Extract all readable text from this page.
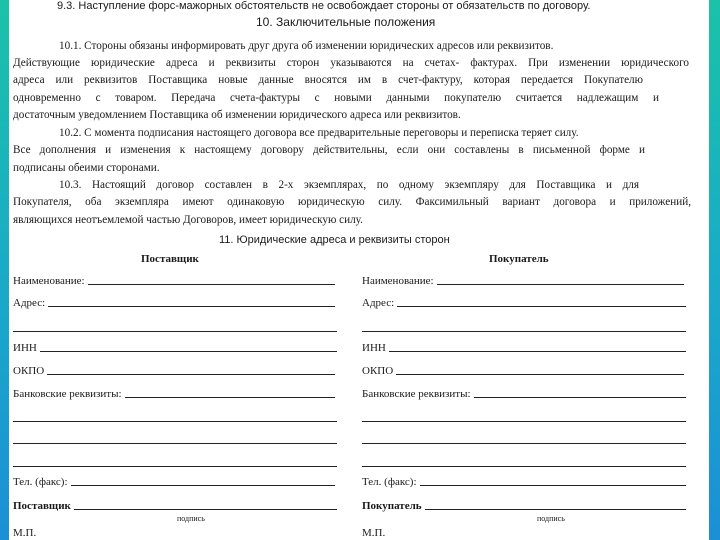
9.3. Наступление форс-мажорных обстоятельств не освобождает стороны от обязательств по договору.
10. Заключительные положения
10.1. Стороны обязаны информировать друг друга об изменении юридических адресов или реквизитов.
Действующие юридические адреса и реквизиты сторон указываются на счетах- фактурах. При изменении юридического
адреса или реквизитов Поставщика новые данные вносятся им в счет-фактуру, которая передается Покупателю
одновременно с товаром. Передача счета-фактуры с новыми данными покупателю считается надлежащим и
достаточным уведомлением Поставщика об изменении юридического адреса или реквизитов.
10.2. С момента подписания настоящего договора все предварительные переговоры и переписка теряет силу.
Все дополнения и изменения к настоящему договору действительны, если они составлены в письменной форме и
подписаны обеими сторонами.
10.3. Настоящий договор составлен в 2-х экземплярах, по одному экземпляру для Поставщика и для
Покупателя, оба экземпляра имеют одинаковую юридическую силу. Факсимильный вариант договора и приложений,
являющихся неотъемлемой частью Договоров, имеет юридическую силу.
11. Юридические адреса и реквизиты сторон
Поставщик	Покупатель
Наименование:
Адрес:
ИНН
ОКПО
Банковские реквизиты:
Тел. (факс):
Поставщик
подпись
М.П.
Наименование:
Адрес:
ИНН
ОКПО
Банковские реквизиты:
Тел. (факс):
Покупатель
подпись
М.П.
